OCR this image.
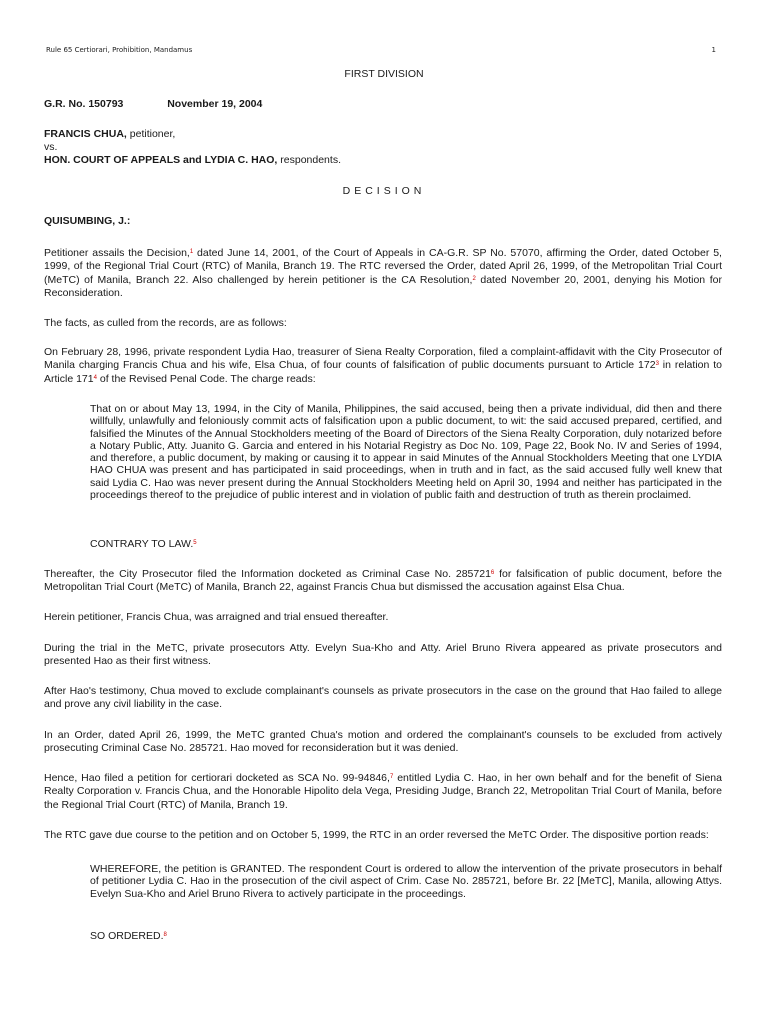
Rule 65 Certiorari, Prohibition, Mandamus	1
FIRST DIVISION
G.R. No. 150793	November 19, 2004
FRANCIS CHUA, petitioner,
vs.
HON. COURT OF APPEALS and LYDIA C. HAO, respondents.
DECISION
QUISUMBING, J.:
Petitioner assails the Decision,$^1$ dated June 14, 2001, of the Court of Appeals in CA-G.R. SP No. 57070, affirming the Order, dated October 5, 1999, of the Regional Trial Court (RTC) of Manila, Branch 19. The RTC reversed the Order, dated April 26, 1999, of the Metropolitan Trial Court (MeTC) of Manila, Branch 22. Also challenged by herein petitioner is the CA Resolution,$^2$ dated November 20, 2001, denying his Motion for Reconsideration.
The facts, as culled from the records, are as follows:
On February 28, 1996, private respondent Lydia Hao, treasurer of Siena Realty Corporation, filed a complaint-affidavit with the City Prosecutor of Manila charging Francis Chua and his wife, Elsa Chua, of four counts of falsification of public documents pursuant to Article $172^3$ in relation to Article $171^4$ of the Revised Penal Code. The charge reads:
That on or about May 13, 1994, in the City of Manila, Philippines, the said accused, being then a private individual, did then and there willfully, unlawfully and feloniously commit acts of falsification upon a public document, to wit: the said accused prepared, certified, and falsified the Minutes of the Annual Stockholders meeting of the Board of Directors of the Siena Realty Corporation, duly notarized before a Notary Public, Atty. Juanito G. Garcia and entered in his Notarial Registry as Doc No. 109, Page 22, Book No. IV and Series of 1994, and therefore, a public document, by making or causing it to appear in said Minutes of the Annual Stockholders Meeting that one LYDIA HAO CHUA was present and has participated in said proceedings, when in truth and in fact, as the said accused fully well knew that said Lydia C. Hao was never present during the Annual Stockholders Meeting held on April 30, 1994 and neither has participated in the proceedings thereof to the prejudice of public interest and in violation of public faith and destruction of truth as therein proclaimed.
CONTRARY TO LAW.$^5$
Thereafter, the City Prosecutor filed the Information docketed as Criminal Case No. 285721$^6$ for falsification of public document, before the Metropolitan Trial Court (MeTC) of Manila, Branch 22, against Francis Chua but dismissed the accusation against Elsa Chua.
Herein petitioner, Francis Chua, was arraigned and trial ensued thereafter.
During the trial in the MeTC, private prosecutors Atty. Evelyn Sua-Kho and Atty. Ariel Bruno Rivera appeared as private prosecutors and presented Hao as their first witness.
After Hao's testimony, Chua moved to exclude complainant's counsels as private prosecutors in the case on the ground that Hao failed to allege and prove any civil liability in the case.
In an Order, dated April 26, 1999, the MeTC granted Chua's motion and ordered the complainant's counsels to be excluded from actively prosecuting Criminal Case No. 285721. Hao moved for reconsideration but it was denied.
Hence, Hao filed a petition for certiorari docketed as SCA No. 99-94846,$^7$ entitled Lydia C. Hao, in her own behalf and for the benefit of Siena Realty Corporation v. Francis Chua, and the Honorable Hipolito dela Vega, Presiding Judge, Branch 22, Metropolitan Trial Court of Manila, before the Regional Trial Court (RTC) of Manila, Branch 19.
The RTC gave due course to the petition and on October 5, 1999, the RTC in an order reversed the MeTC Order. The dispositive portion reads:
WHEREFORE, the petition is GRANTED. The respondent Court is ordered to allow the intervention of the private prosecutors in behalf of petitioner Lydia C. Hao in the prosecution of the civil aspect of Crim. Case No. 285721, before Br. 22 [MeTC], Manila, allowing Attys. Evelyn Sua-Kho and Ariel Bruno Rivera to actively participate in the proceedings.
SO ORDERED.$^8$
